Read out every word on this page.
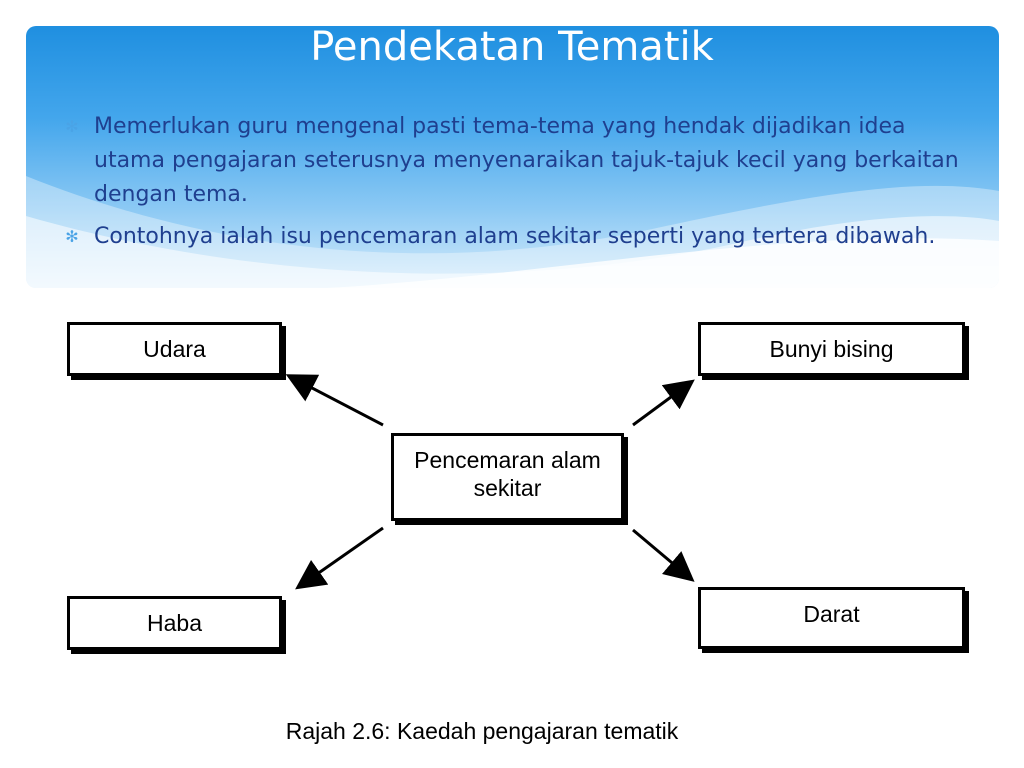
Pendekatan Tematik
✻ Memerlukan guru mengenal pasti tema-tema yang hendak dijadikan idea utama pengajaran seterusnya menyenaraikan tajuk-tajuk kecil yang berkaitan dengan tema.
✻ Contohnya ialah isu pencemaran alam sekitar seperti yang tertera dibawah.
Udara	Bunyi bising
Pencemaran alam sekitar
Haba	Darat
Rajah 2.6: Kaedah pengajaran tematik
